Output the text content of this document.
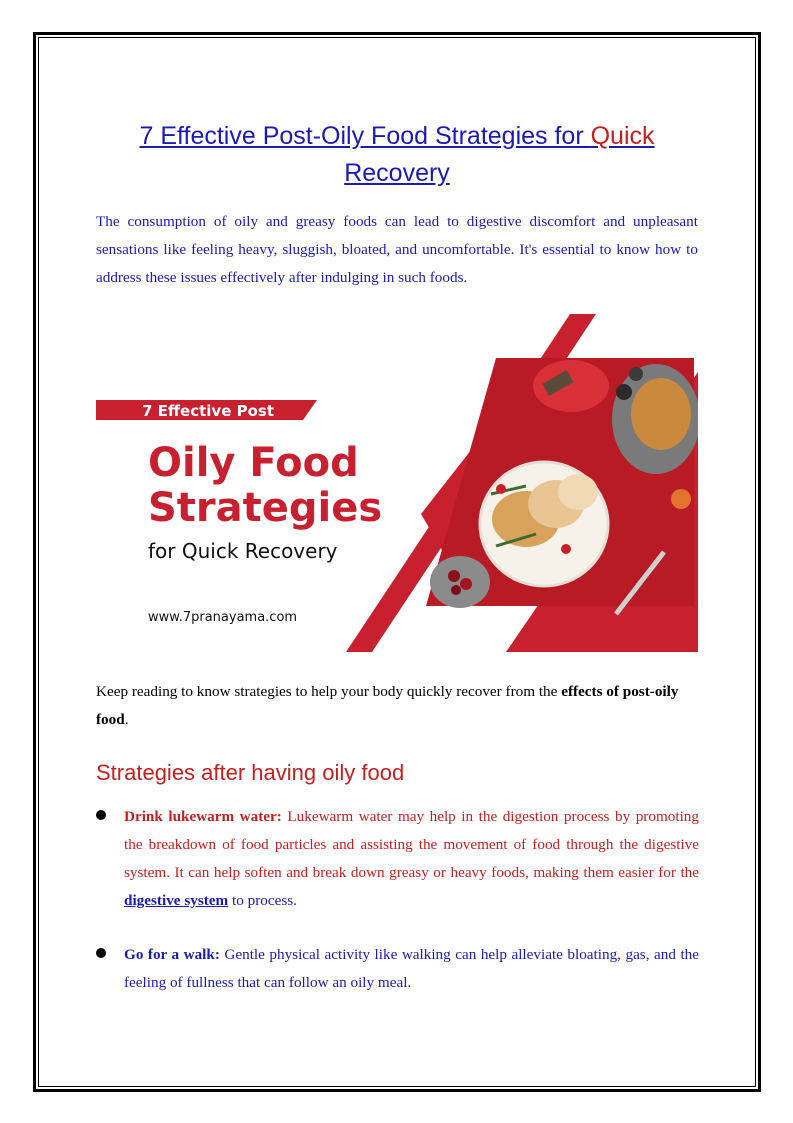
7 Effective Post-Oily Food Strategies for Quick
Recovery

The consumption of oily and greasy foods can lead to digestive discomfort and unpleasant sensations like feeling heavy, sluggish, bloated, and uncomfortable. It's essential to know how to address these issues effectively after indulging in such foods.

7 Effective Post
Oily Food
Strategies
for Quick Recovery
www.7pranayama.com

Keep reading to know strategies to help your body quickly recover from the effects of post-oily food.

Strategies after having oily food

Drink lukewarm water: Lukewarm water may help in the digestion process by promoting the breakdown of food particles and assisting the movement of food through the digestive system. It can help soften and break down greasy or heavy foods, making them easier for the digestive system to process.

Go for a walk: Gentle physical activity like walking can help alleviate bloating, gas, and the feeling of fullness that can follow an oily meal.
